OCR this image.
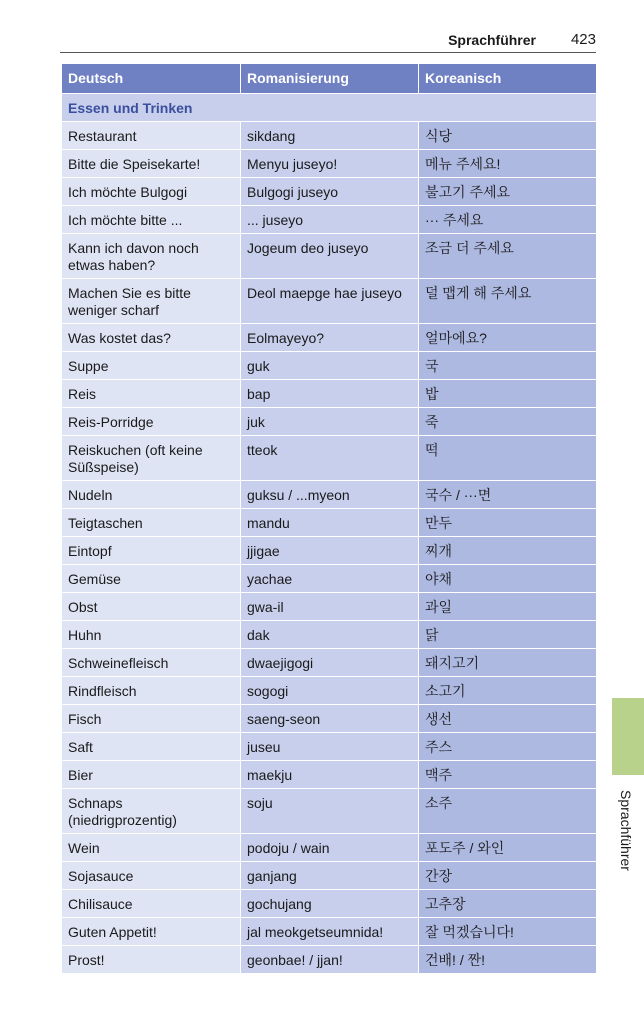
Sprachführer 423
Deutsch	Romanisierung	Koreanisch
Essen und Trinken		
Restaurant	sikdang	식당
Bitte die Speisekarte!	Menyu juseyo!	메뉴 주세요!
Ich möchte Bulgogi	Bulgogi juseyo	불고기 주세요
Ich möchte bitte ...	... juseyo	··· 주세요
Kann ich davon noch etwas haben?	Jogeum deo juseyo	조금 더 주세요
Machen Sie es bitte weniger scharf	Deol maepge hae juseyo	덜 맵게 해 주세요
Was kostet das?	Eolmayeyo?	얼마에요?
Suppe	guk	국
Reis	bap	밥
Reis-Porridge	juk	죽
Reiskuchen (oft keine Süßspeise)	tteok	떡
Nudeln	guksu / ...myeon	국수 / ···면
Teigtaschen	mandu	만두
Eintopf	jjigae	찌개
Gemüse	yachae	야채
Obst	gwa-il	과일
Huhn	dak	닭
Schweinefleisch	dwaejigogi	돼지고기
Rindfleisch	sogogi	소고기
Fisch	saeng-seon	생선
Saft	juseu	주스
Bier	maekju	맥주
Schnaps (niedrigprozentig)	soju	소주
Wein	podoju / wain	포도주 / 와인
Sojasauce	ganjang	간장
Chilisauce	gochujang	고추장
Guten Appetit!	jal meokgetseumnida!	잘 먹겠습니다!
Prost!	geonbae! / jjan!	건배! / 짠!
Sprachführer
